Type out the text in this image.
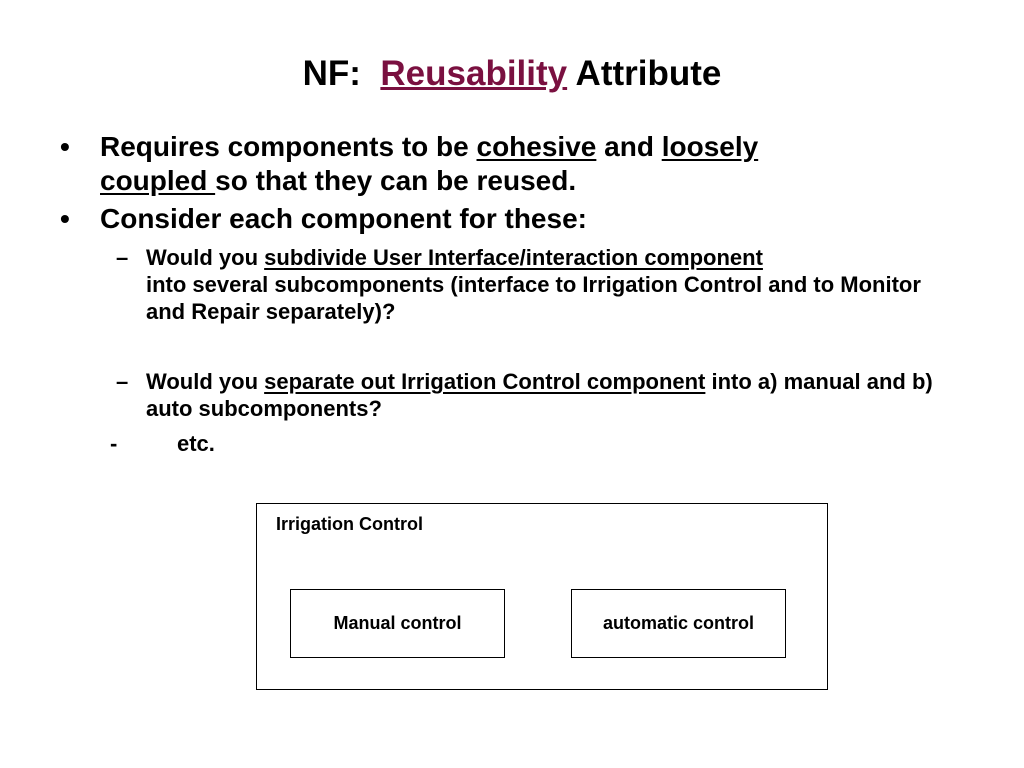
NF:  Reusability Attribute
• Requires components to be cohesive and loosely
coupled so that they can be reused.
• Consider each component for these:
– Would you subdivide User Interface/interaction component
into several subcomponents (interface to Irrigation Control and to Monitor and Repair separately)?
– Would you separate out Irrigation Control component into a) manual and b) auto subcomponents?
-	etc.
Irrigation Control
Manual control	automatic control
